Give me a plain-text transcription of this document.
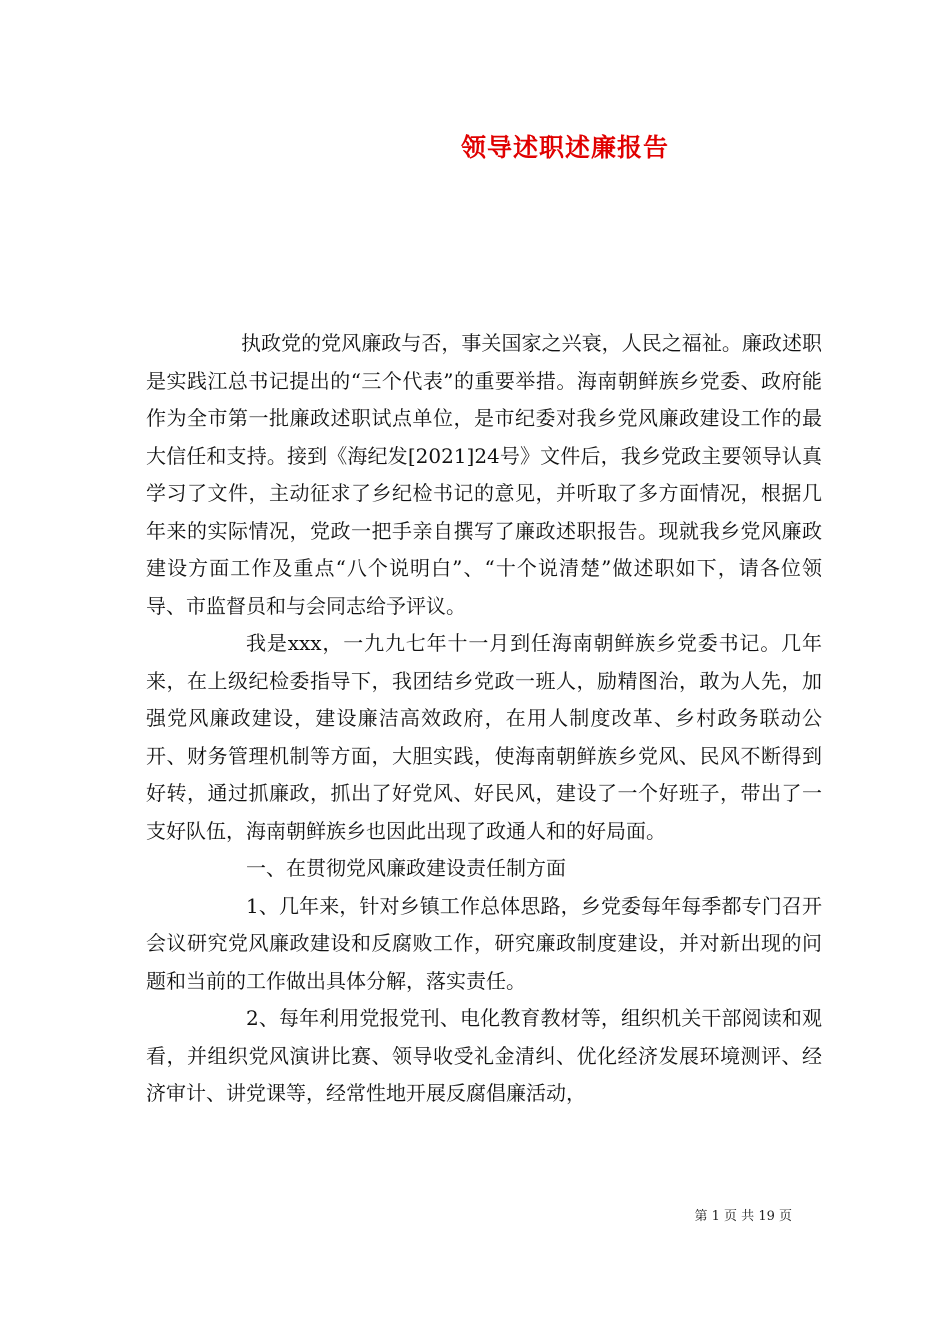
领导述职述廉报告

执政党的党风廉政与否，事关国家之兴衰，人民之福祉。廉政述职是实践江总书记提出的“三个代表”的重要举措。海南朝鲜族乡党委、政府能作为全市第一批廉政述职试点单位，是市纪委对我乡党风廉政建设工作的最大信任和支持。接到《海纪发[2021]24号》文件后，我乡党政主要领导认真学习了文件，主动征求了乡纪检书记的意见，并听取了多方面情况，根据几年来的实际情况，党政一把手亲自撰写了廉政述职报告。现就我乡党风廉政建设方面工作及重点“八个说明白”、“十个说清楚”做述职如下，请各位领导、市监督员和与会同志给予评议。

我是xxx，一九九七年十一月到任海南朝鲜族乡党委书记。几年来，在上级纪检委指导下，我团结乡党政一班人，励精图治，敢为人先，加强党风廉政建设，建设廉洁高效政府，在用人制度改革、乡村政务联动公开、财务管理机制等方面，大胆实践，使海南朝鲜族乡党风、民风不断得到好转，通过抓廉政，抓出了好党风、好民风，建设了一个好班子，带出了一支好队伍，海南朝鲜族乡也因此出现了政通人和的好局面。

一、在贯彻党风廉政建设责任制方面

1、几年来，针对乡镇工作总体思路，乡党委每年每季都专门召开会议研究党风廉政建设和反腐败工作，研究廉政制度建设，并对新出现的问题和当前的工作做出具体分解，落实责任。

2、每年利用党报党刊、电化教育教材等，组织机关干部阅读和观看，并组织党风演讲比赛、领导收受礼金清纠、优化经济发展环境测评、经济审计、讲党课等，经常性地开展反腐倡廉活动，

第 1 页 共 19 页
